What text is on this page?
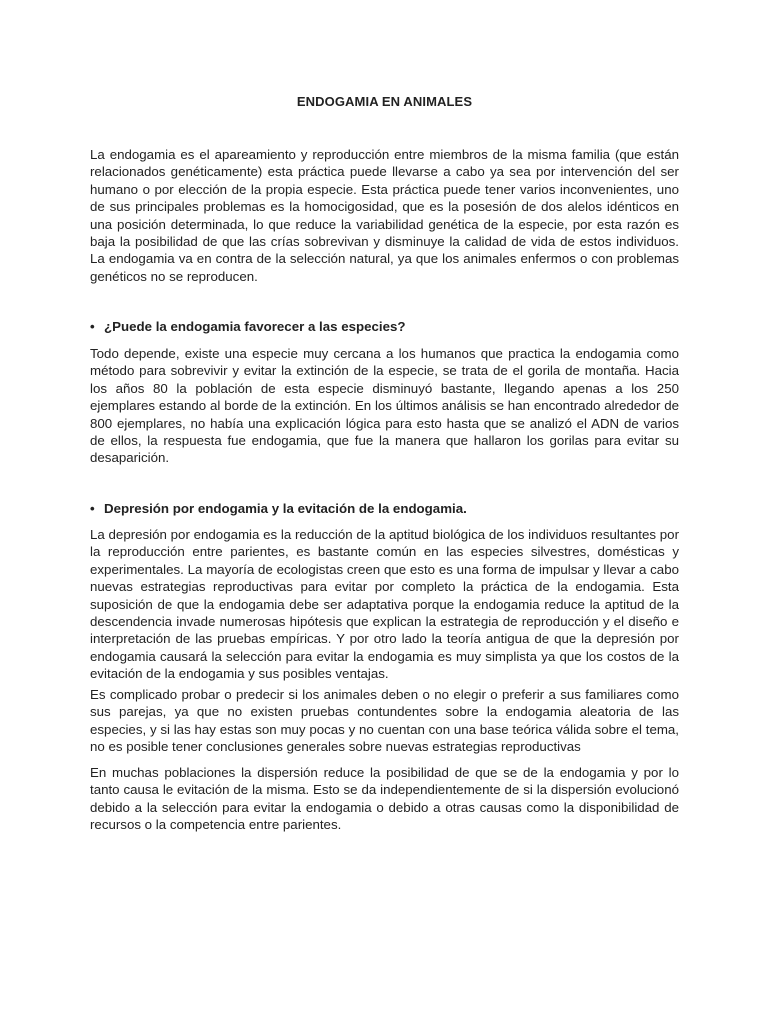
ENDOGAMIA EN ANIMALES

La endogamia es el apareamiento y reproducción entre miembros de la misma familia (que están relacionados genéticamente) esta práctica puede llevarse a cabo ya sea por intervención del ser humano o por elección de la propia especie. Esta práctica puede tener varios inconvenientes, uno de sus principales problemas es la homocigosidad, que es la posesión de dos alelos idénticos en una posición determinada, lo que reduce la variabilidad genética de la especie, por esta razón es baja la posibilidad de que las crías sobrevivan y disminuye la calidad de vida de estos individuos. La endogamia va en contra de la selección natural, ya que los animales enfermos o con problemas genéticos no se reproducen.

• ¿Puede la endogamia favorecer a las especies?

Todo depende, existe una especie muy cercana a los humanos que practica la endogamia como método para sobrevivir y evitar la extinción de la especie, se trata de el gorila de montaña. Hacia los años 80 la población de esta especie disminuyó bastante, llegando apenas a los 250 ejemplares estando al borde de la extinción. En los últimos análisis se han encontrado alrededor de 800 ejemplares, no había una explicación lógica para esto hasta que se analizó el ADN de varios de ellos, la respuesta fue endogamia, que fue la manera que hallaron los gorilas para evitar su desaparición.

• Depresión por endogamia y la evitación de la endogamia.

La depresión por endogamia es la reducción de la aptitud biológica de los individuos resultantes por la reproducción entre parientes, es bastante común en las especies silvestres, domésticas y experimentales. La mayoría de ecologistas creen que esto es una forma de impulsar y llevar a cabo nuevas estrategias reproductivas para evitar por completo la práctica de la endogamia. Esta suposición de que la endogamia debe ser adaptativa porque la endogamia reduce la aptitud de la descendencia invade numerosas hipótesis que explican la estrategia de reproducción y el diseño e interpretación de las pruebas empíricas. Y por otro lado la teoría antigua de que la depresión por endogamia causará la selección para evitar la endogamia es muy simplista ya que los costos de la evitación de la endogamia y sus posibles ventajas.

Es complicado probar o predecir si los animales deben o no elegir o preferir a sus familiares como sus parejas, ya que no existen pruebas contundentes sobre la endogamia aleatoria de las especies, y si las hay estas son muy pocas y no cuentan con una base teórica válida sobre el tema, no es posible tener conclusiones generales sobre nuevas estrategias reproductivas

En muchas poblaciones la dispersión reduce la posibilidad de que se de la endogamia y por lo tanto causa le evitación de la misma. Esto se da independientemente de si la dispersión evolucionó debido a la selección para evitar la endogamia o debido a otras causas como la disponibilidad de recursos o la competencia entre parientes.
